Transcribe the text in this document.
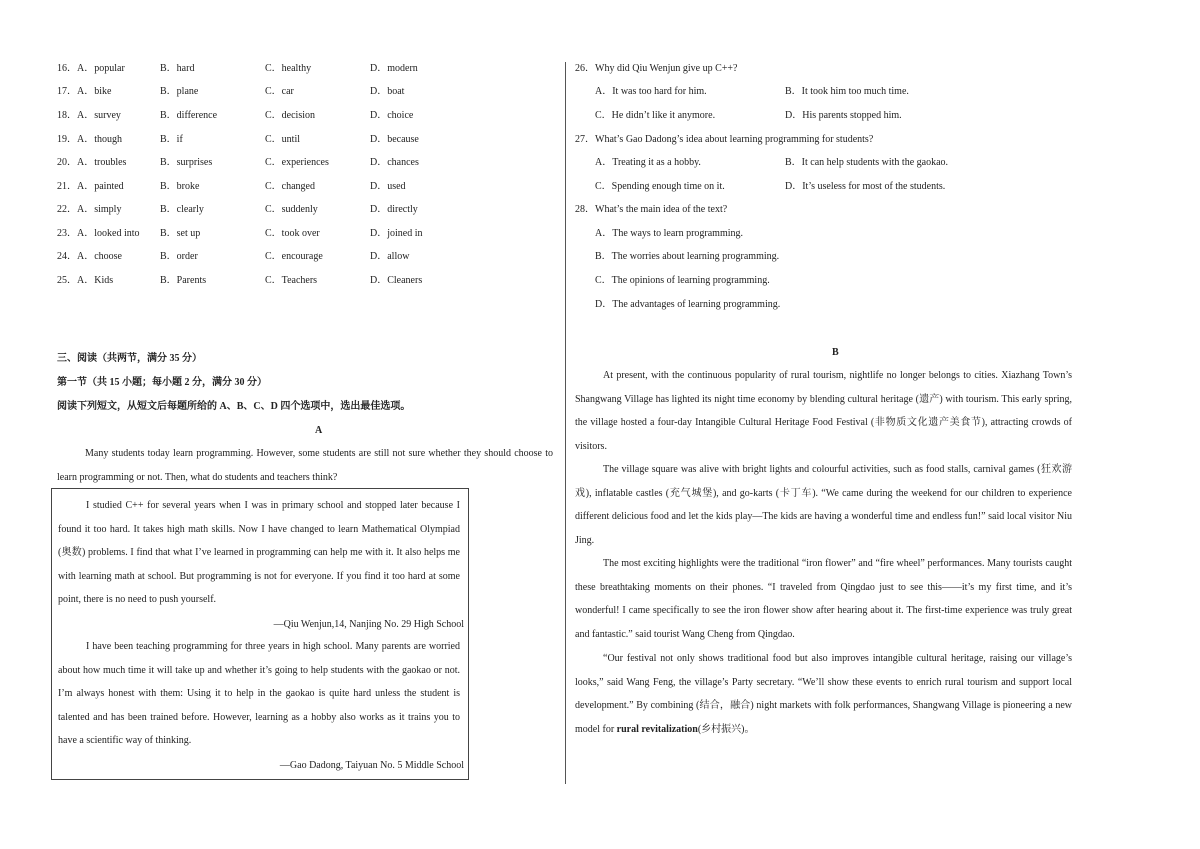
16． A．popular	B．hard	C．healthy	D．modern
17． A．bike	B．plane	C．car	D．boat
18． A．survey	B．difference	C．decision	D．choice
19． A．though	B．if	C．until	D．because
20． A．troubles	B．surprises	C．experiences	D．chances
21． A．painted	B．broke	C．changed	D．used
22． A．simply	B．clearly	C．suddenly	D．directly
23． A．looked into B．set up	C．took over	D．joined in
24． A．choose	B．order	C．encourage	D．allow
25． A．Kids	B．Parents	C．Teachers	D．Cleaners
三、阅读（共两节，满分 35 分）
第一节（共 15 小题；每小题 2 分，满分 30 分）
阅读下列短文，从短文后每题所给的 A、B、C、D 四个选项中，选出最佳选项。
A
Many students today learn programming. However, some students are still not sure whether they should choose to learn programming or not. Then, what do students and teachers think?
I studied C++ for several years when I was in primary school and stopped later because I found it too hard. It takes high math skills. Now I have changed to learn Mathematical Olympiad (奥数) problems. I find that what I’ve learned in programming can help me with it. It also helps me with learning math at school. But programming is not for everyone. If you find it too hard at some point, there is no need to push yourself.
—Qiu Wenjun,14, Nanjing No. 29 High School
I have been teaching programming for three years in high school. Many parents are worried about how much time it will take up and whether it’s going to help students with the gaokao or not. I’m always honest with them: Using it to help in the gaokao is quite hard unless the student is talented and has been trained before. However, learning as a hobby also works as it trains you to have a scientific way of thinking.
—Gao Dadong, Taiyuan No. 5 Middle School
26．Why did Qiu Wenjun give up C++?
A．It was too hard for him.	B．It took him too much time.
C．He didn’t like it anymore.	D．His parents stopped him.
27．What’s Gao Dadong’s idea about learning programming for students?
A．Treating it as a hobby.	B．It can help students with the gaokao.
C．Spending enough time on it.	D．It’s useless for most of the students.
28．What’s the main idea of the text?
A．The ways to learn programming.
B．The worries about learning programming.
C．The opinions of learning programming.
D．The advantages of learning programming.
B
At present, with the continuous popularity of rural tourism, nightlife no longer belongs to cities. Xiazhang Town’s Shangwang Village has lighted its night time economy by blending cultural heritage (遗产) with tourism. This early spring, the village hosted a four-day Intangible Cultural Heritage Food Festival (非物质文化遗产美食节), attracting crowds of visitors.
The village square was alive with bright lights and colourful activities, such as food stalls, carnival games (狂欢游戏), inflatable castles (充气城堡), and go-karts (卡丁车). “We came during the weekend for our children to experience different delicious food and let the kids play—The kids are having a wonderful time and endless fun!” said local visitor Niu Jing.
The most exciting highlights were the traditional “iron flower” and “fire wheel” performances. Many tourists caught these breathtaking moments on their phones. “I traveled from Qingdao just to see this——it’s my first time, and it’s wonderful! I came specifically to see the iron flower show after hearing about it. The first-time experience was truly great and fantastic.” said tourist Wang Cheng from Qingdao.
“Our festival not only shows traditional food but also improves intangible cultural heritage, raising our village’s looks,” said Wang Feng, the village’s Party secretary. “We’ll show these events to enrich rural tourism and support local development.” By combining (结合，融合) night markets with folk performances, Shangwang Village is pioneering a new model for rural revitalization(乡村振兴)。
